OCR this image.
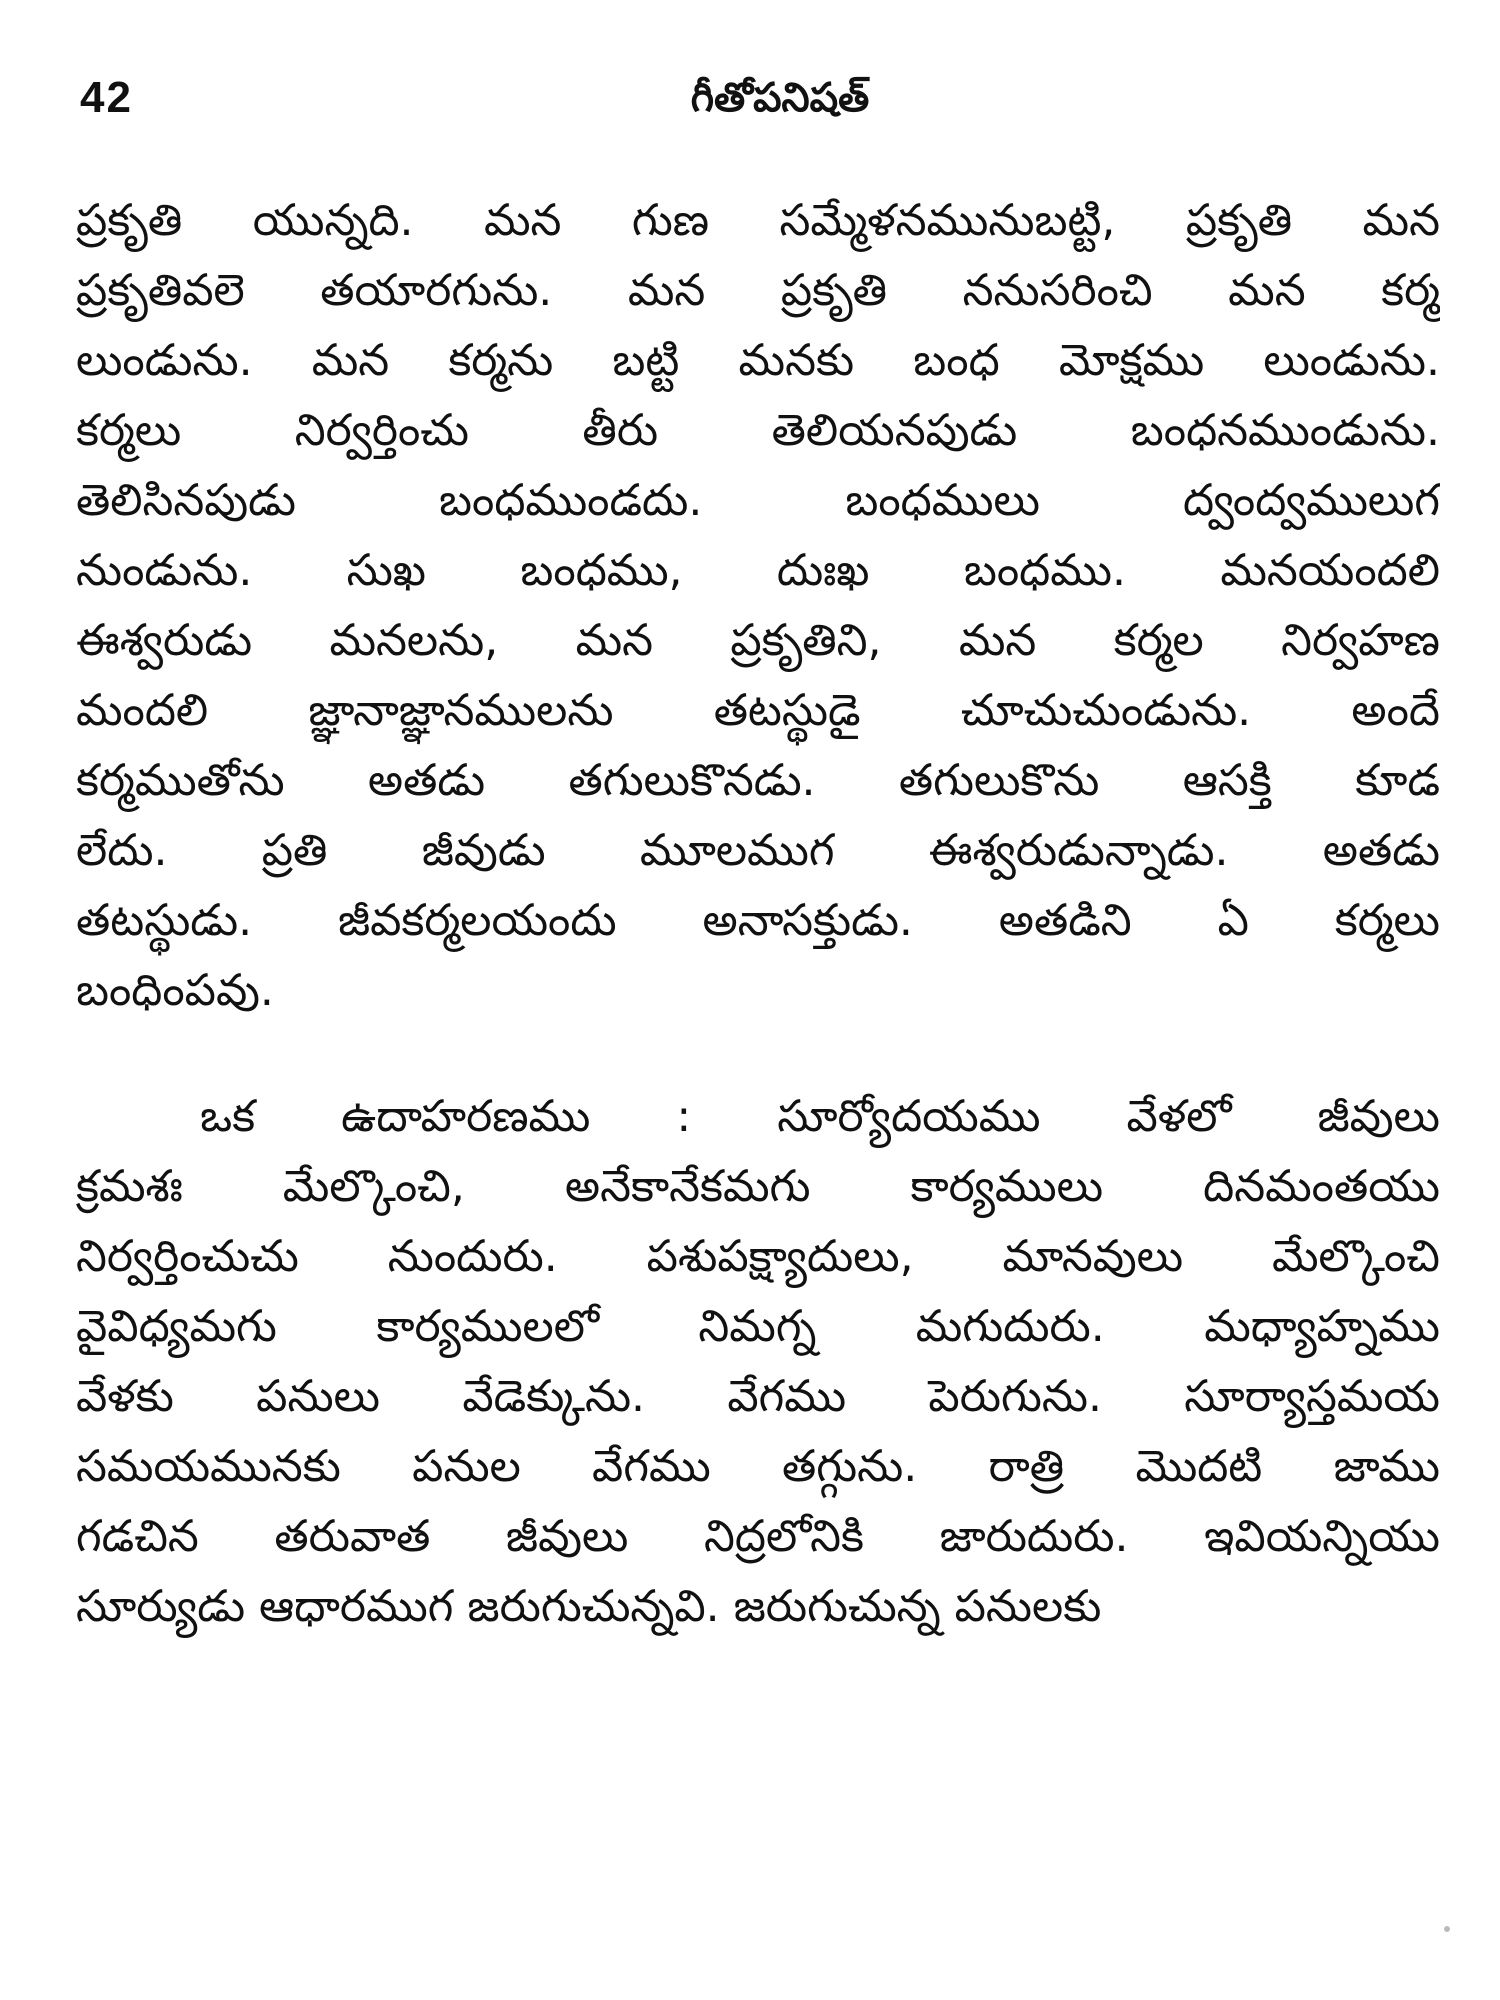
42	గీతోపనిషత్

ప్రకృతి యున్నది. మన గుణ సమ్మేళనమునుబట్టి, ప్రకృతి మన
ప్రకృతివలె తయారగును. మన ప్రకృతి ననుసరించి మన కర్మ
లుండును. మన కర్మను బట్టి మనకు బంధ మోక్షము లుండును.
కర్మలు నిర్వర్తించు తీరు తెలియనపుడు బంధనముండును.
తెలిసినపుడు బంధముండదు. బంధములు ద్వంద్వములుగ
నుండును. సుఖ బంధము, దుఃఖ బంధము. మనయందలి
ఈశ్వరుడు మనలను, మన ప్రకృతిని, మన కర్మల నిర్వహణ
మందలి జ్ఞానాజ్ఞానములను తటస్థుడై చూచుచుండును. అందే
కర్మముతోను అతడు తగులుకొనడు. తగులుకొను ఆసక్తి కూడ
లేదు. ప్రతి జీవుడు మూలముగ ఈశ్వరుడున్నాడు. అతడు
తటస్థుడు. జీవకర్మలయందు అనాసక్తుడు. అతడిని ఏ కర్మలు
బంధింపవు.

ఒక ఉదాహరణము : సూర్యోదయము వేళలో జీవులు
క్రమశః మేల్కొంచి, అనేకానేకమగు కార్యములు దినమంతయు
నిర్వర్తించుచు నుందురు. పశుపక్ష్యాదులు, మానవులు మేల్కొంచి
వైవిధ్యమగు కార్యములలో నిమగ్న మగుదురు. మధ్యాహ్నము
వేళకు పనులు వేడెక్కును. వేగము పెరుగును. సూర్యాస్తమయ
సమయమునకు పనుల వేగము తగ్గును. రాత్రి మొదటి జాము
గడచిన తరువాత జీవులు నిద్రలోనికి జారుదురు. ఇవియన్నియు
సూర్యుడు ఆధారముగ జరుగుచున్నవి. జరుగుచున్న పనులకు
